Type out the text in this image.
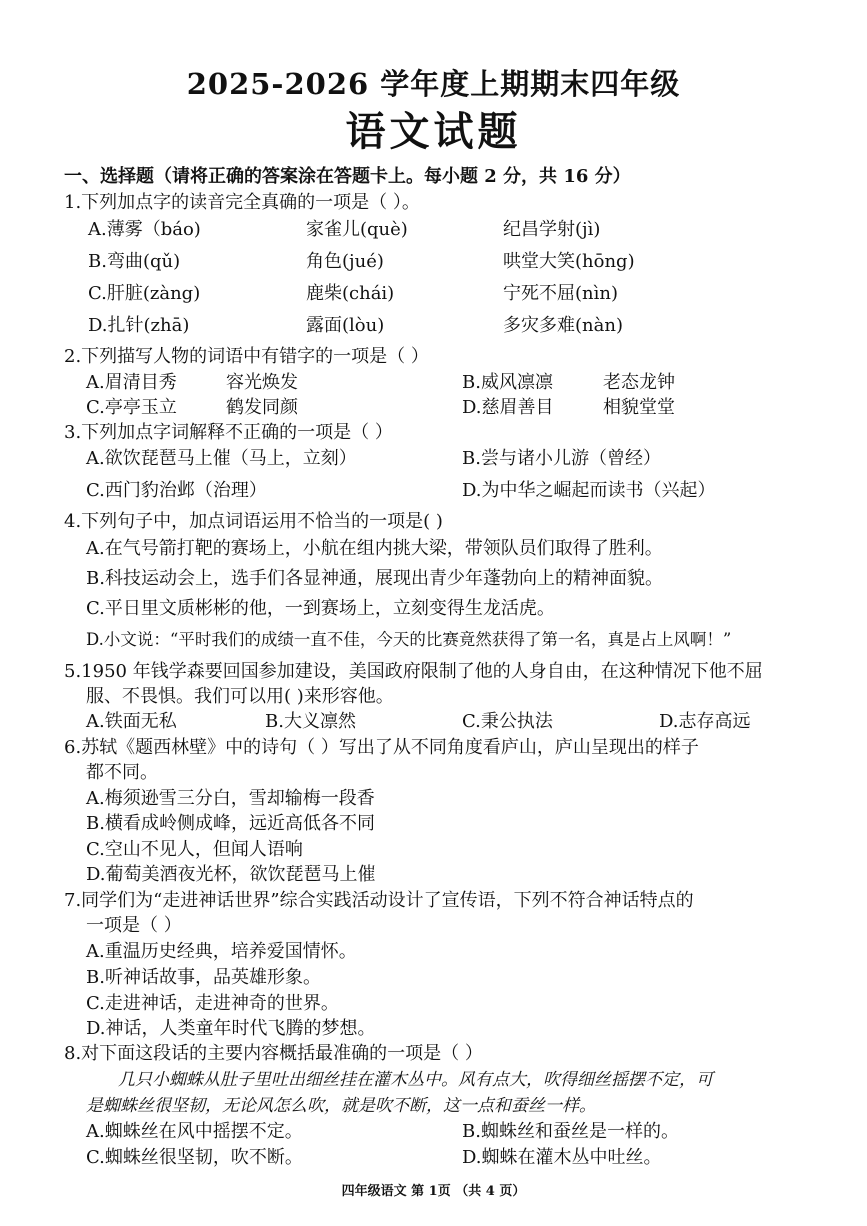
2025-2026 学年度上期期末四年级
语文试题
一、选择题（请将正确的答案涂在答题卡上。每小题 2 分，共 16 分）
1.下列加点字的读音完全真确的一项是（ ）。
A.薄雾（báo)	家雀儿(què)	纪昌学射(jì)
B.弯曲(qǔ)	角色(jué)	哄堂大笑(hōng)
C.肝脏(zàng)	鹿柴(chái)	宁死不屈(nìn)
D.扎针(zhā)	露面(lòu)	多灾多难(nàn)
2.下列描写人物的词语中有错字的一项是（ ）
A.眉清目秀	容光焕发	B.威风凛凛	老态龙钟
C.亭亭玉立	鹤发同颜	D.慈眉善目	相貌堂堂
3.下列加点字词解释不正确的一项是（ ）
A.欲饮琵琶马上催（马上，立刻）	B.尝与诸小儿游（曾经）
C.西门豹治邺（治理）	D.为中华之崛起而读书（兴起）
4.下列句子中，加点词语运用不恰当的一项是( )
A.在气号箭打靶的赛场上，小航在组内挑大梁，带领队员们取得了胜利。
B.科技运动会上，选手们各显神通，展现出青少年蓬勃向上的精神面貌。
C.平日里文质彬彬的他，一到赛场上，立刻变得生龙活虎。
D.小文说：“平时我们的成绩一直不佳，今天的比赛竟然获得了第一名，真是占上风啊！”
5.1950 年钱学森要回国参加建设，美国政府限制了他的人身自由，在这种情况下他不屈
服、不畏惧。我们可以用( )来形容他。
A.铁面无私	B.大义凛然	C.秉公执法	D.志存高远
6.苏轼《题西林壁》中的诗句（ ）写出了从不同角度看庐山，庐山呈现出的样子
都不同。
A.梅须逊雪三分白，雪却输梅一段香
B.横看成岭侧成峰，远近高低各不同
C.空山不见人，但闻人语响
D.葡萄美酒夜光杯，欲饮琵琶马上催
7.同学们为“走进神话世界”综合实践活动设计了宣传语，下列不符合神话特点的
一项是（ ）
A.重温历史经典，培养爱国情怀。
B.听神话故事，品英雄形象。
C.走进神话，走进神奇的世界。
D.神话，人类童年时代飞腾的梦想。
8.对下面这段话的主要内容概括最准确的一项是（ ）
几只小蜘蛛从肚子里吐出细丝挂在灌木丛中。风有点大，吹得细丝摇摆不定，可
是蜘蛛丝很坚韧，无论风怎么吹，就是吹不断，这一点和蚕丝一样。
A.蜘蛛丝在风中摇摆不定。	B.蜘蛛丝和蚕丝是一样的。
C.蜘蛛丝很坚韧，吹不断。	D.蜘蛛在灌木丛中吐丝。
四年级语文 第 1页 （共 4 页）
